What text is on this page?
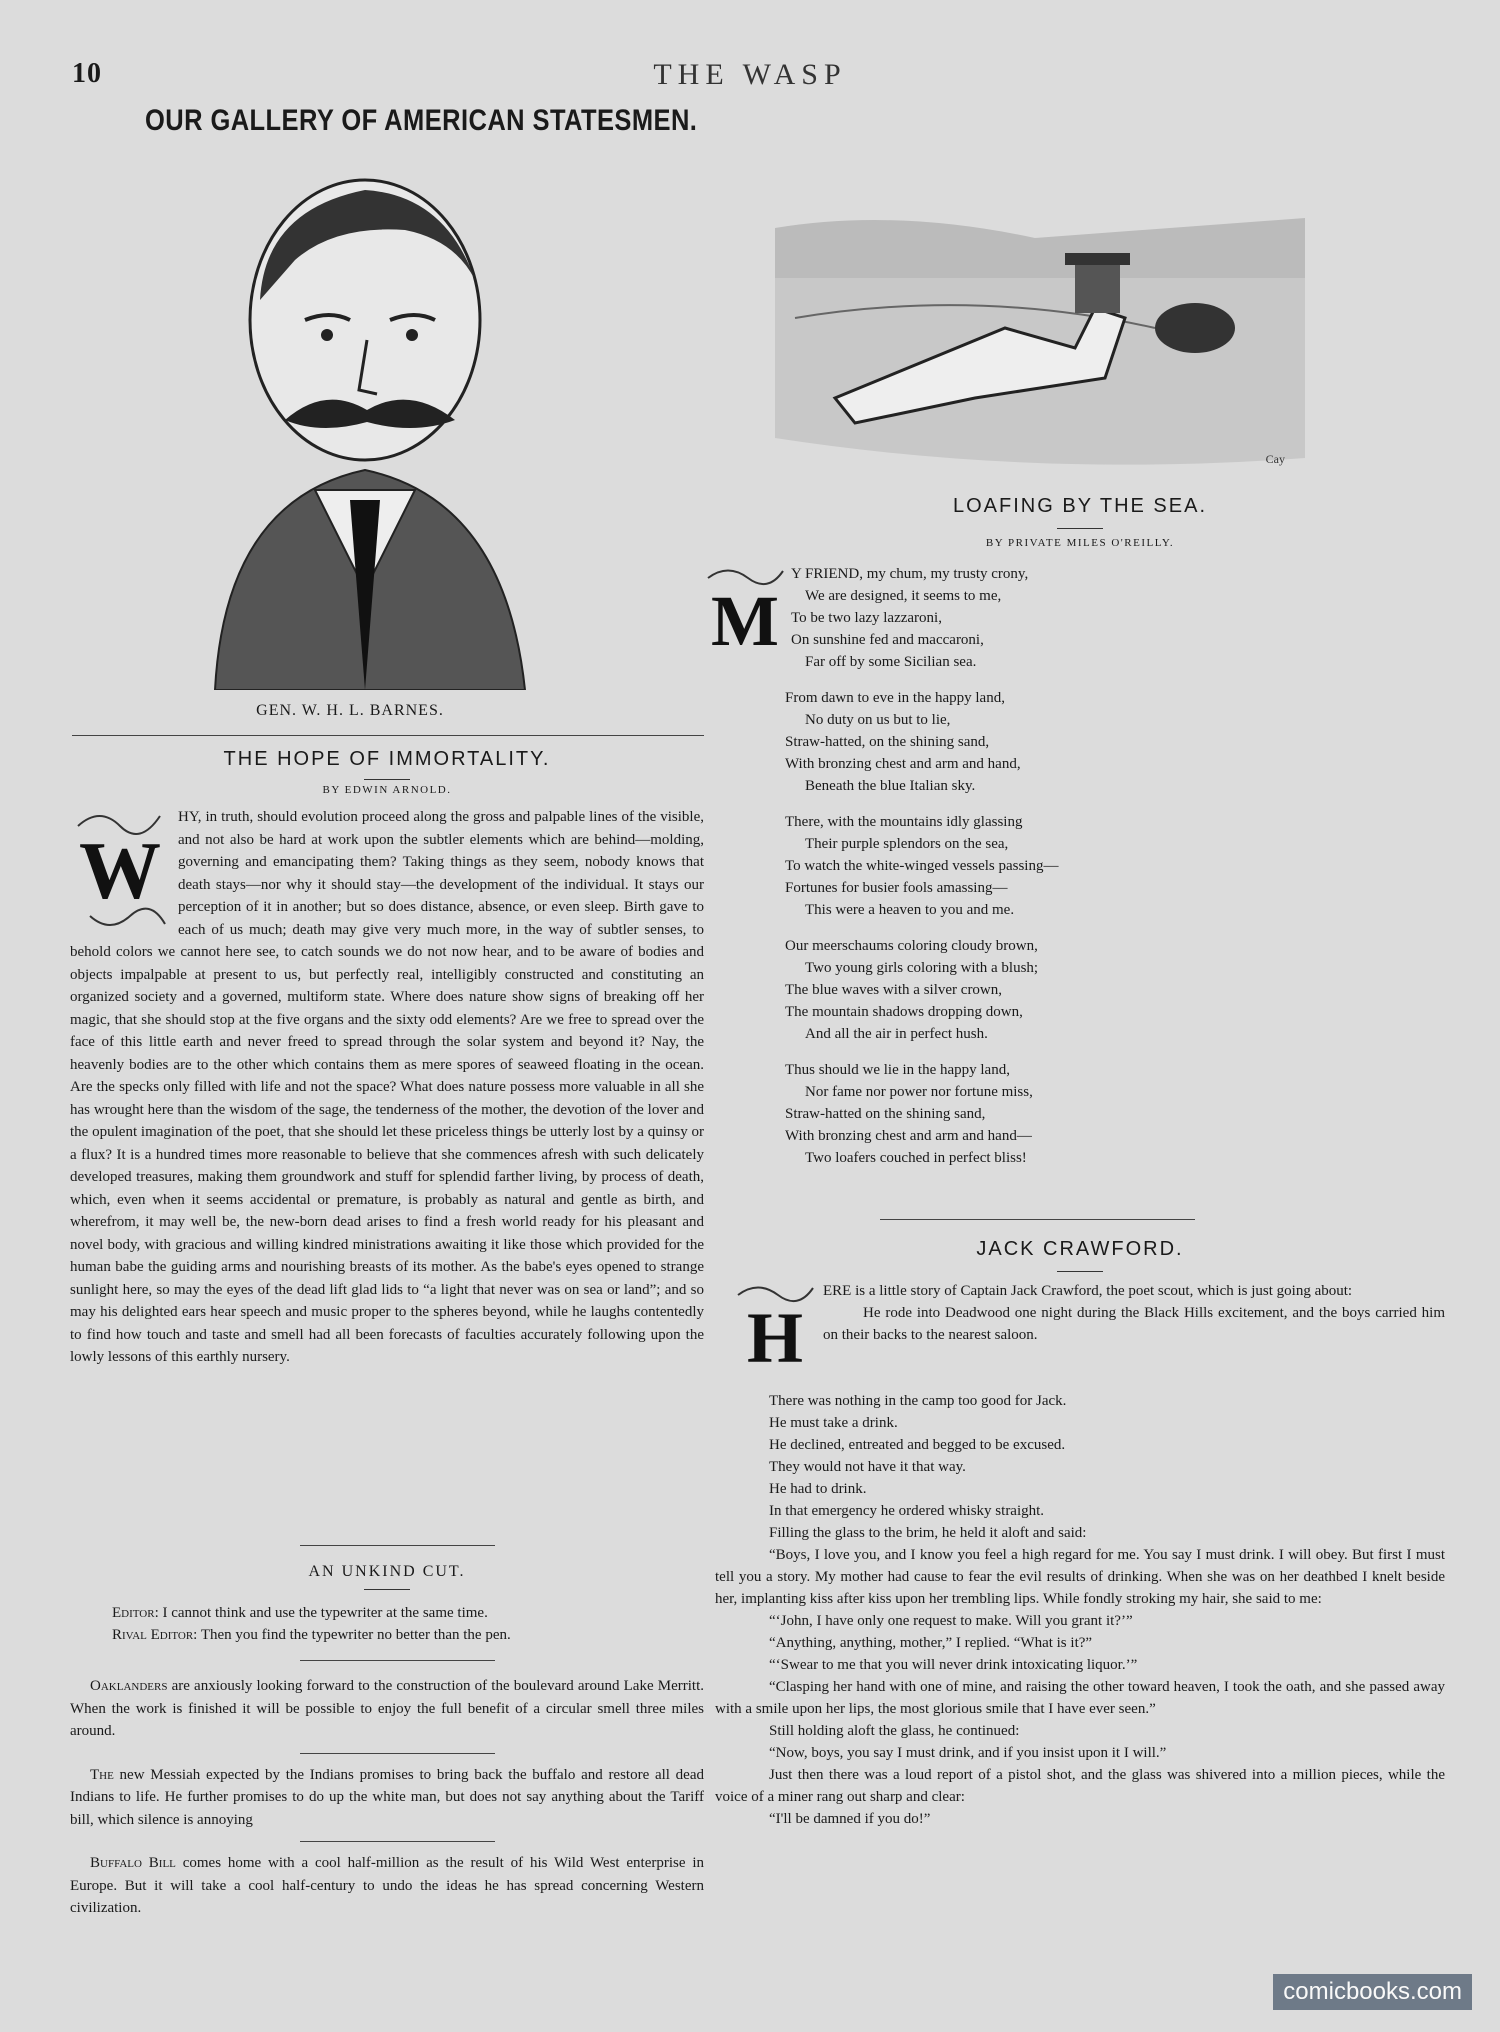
10	THE WASP
OUR GALLERY OF AMERICAN STATESMEN.
GEN. W. H. L. BARNES.
THE HOPE OF IMMORTALITY.
BY EDWIN ARNOLD.
W

HY, in truth, should evolution proceed along the gross and palpable lines of the visible, and not also be hard at work upon the subtler elements which are behind—molding, governing and emancipating them? Taking things as they seem, nobody knows that death stays—nor why it should stay—the development of the individual. It stays our perception of it in another; but so does distance, absence, or even sleep. Birth gave to each of us much; death may give very much more, in the way of subtler senses, to behold colors we cannot here see, to catch sounds we do not now hear, and to be aware of bodies and objects impalpable at present to us, but perfectly real, intelligibly constructed and constituting an organized society and a governed, multiform state. Where does nature show signs of breaking off her magic, that she should stop at the five organs and the sixty odd elements? Are we free to spread over the face of this little earth and never freed to spread through the solar system and beyond it? Nay, the heavenly bodies are to the other which contains them as mere spores of seaweed floating in the ocean. Are the specks only filled with life and not the space? What does nature possess more valuable in all she has wrought here than the wisdom of the sage, the tenderness of the mother, the devotion of the lover and the opulent imagination of the poet, that she should let these priceless things be utterly lost by a quinsy or a flux? It is a hundred times more reasonable to believe that she commences afresh with such delicately developed treasures, making them groundwork and stuff for splendid farther living, by process of death, which, even when it seems accidental or premature, is probably as natural and gentle as birth, and wherefrom, it may well be, the new-born dead arises to find a fresh world ready for his pleasant and novel body, with gracious and willing kindred ministrations awaiting it like those which provided for the human babe the guiding arms and nourishing breasts of its mother. As the babe's eyes opened to strange sunlight here, so may the eyes of the dead lift glad lids to “a light that never was on sea or land”; and so may his delighted ears hear speech and music proper to the spheres beyond, while he laughs contentedly to find how touch and taste and smell had all been forecasts of faculties accurately following upon the lowly lessons of this earthly nursery.

AN UNKIND CUT.

Editor: I cannot think and use the typewriter at the same time.

Rival Editor: Then you find the typewriter no better than the pen.

Oaklanders are anxiously looking forward to the construction of the boulevard around Lake Merritt. When the work is finished it will be possible to enjoy the full benefit of a circular smell three miles around.

The new Messiah expected by the Indians promises to bring back the buffalo and restore all dead Indians to life. He further promises to do up the white man, but does not say anything about the Tariff bill, which silence is annoying

Buffalo Bill comes home with a cool half-million as the result of his Wild West enterprise in Europe. But it will take a cool half-century to undo the ideas he has spread concerning Western civilization.

Cay
LOAFING BY THE SEA.
BY PRIVATE MILES O'REILLY.
M
Y FRIEND, my chum, my trusty crony,
We are designed, it seems to me,
To be two lazy lazzaroni,
On sunshine fed and maccaroni,
Far off by some Sicilian sea.
From dawn to eve in the happy land,
No duty on us but to lie,
Straw-hatted, on the shining sand,
With bronzing chest and arm and hand,
Beneath the blue Italian sky.
There, with the mountains idly glassing
Their purple splendors on the sea,
To watch the white-winged vessels passing—
Fortunes for busier fools amassing—
This were a heaven to you and me.
Our meerschaums coloring cloudy brown,
Two young girls coloring with a blush;
The blue waves with a silver crown,
The mountain shadows dropping down,
And all the air in perfect hush.
Thus should we lie in the happy land,
Nor fame nor power nor fortune miss,
Straw-hatted on the shining sand,
With bronzing chest and arm and hand—
Two loafers couched in perfect bliss!
JACK CRAWFORD.
H

ERE is a little story of Captain Jack Crawford, the poet scout, which is just going about:

He rode into Deadwood one night during the Black Hills excitement, and the boys carried him on their backs to the nearest saloon.

There was nothing in the camp too good for Jack.

He must take a drink.

He declined, entreated and begged to be excused.

They would not have it that way.

He had to drink.

In that emergency he ordered whisky straight.

Filling the glass to the brim, he held it aloft and said:

“Boys, I love you, and I know you feel a high regard for me. You say I must drink. I will obey. But first I must tell you a story. My mother had cause to fear the evil results of drinking. When she was on her deathbed I knelt beside her, implanting kiss after kiss upon her trembling lips. While fondly stroking my hair, she said to me:

“‘John, I have only one request to make. Will you grant it?’”

“Anything, anything, mother,” I replied. “What is it?”

“‘Swear to me that you will never drink intoxicating liquor.’”

“Clasping her hand with one of mine, and raising the other toward heaven, I took the oath, and she passed away with a smile upon her lips, the most glorious smile that I have ever seen.”

Still holding aloft the glass, he continued:

“Now, boys, you say I must drink, and if you insist upon it I will.”

Just then there was a loud report of a pistol shot, and the glass was shivered into a million pieces, while the voice of a miner rang out sharp and clear:

“I'll be damned if you do!”

comicbooks.com
